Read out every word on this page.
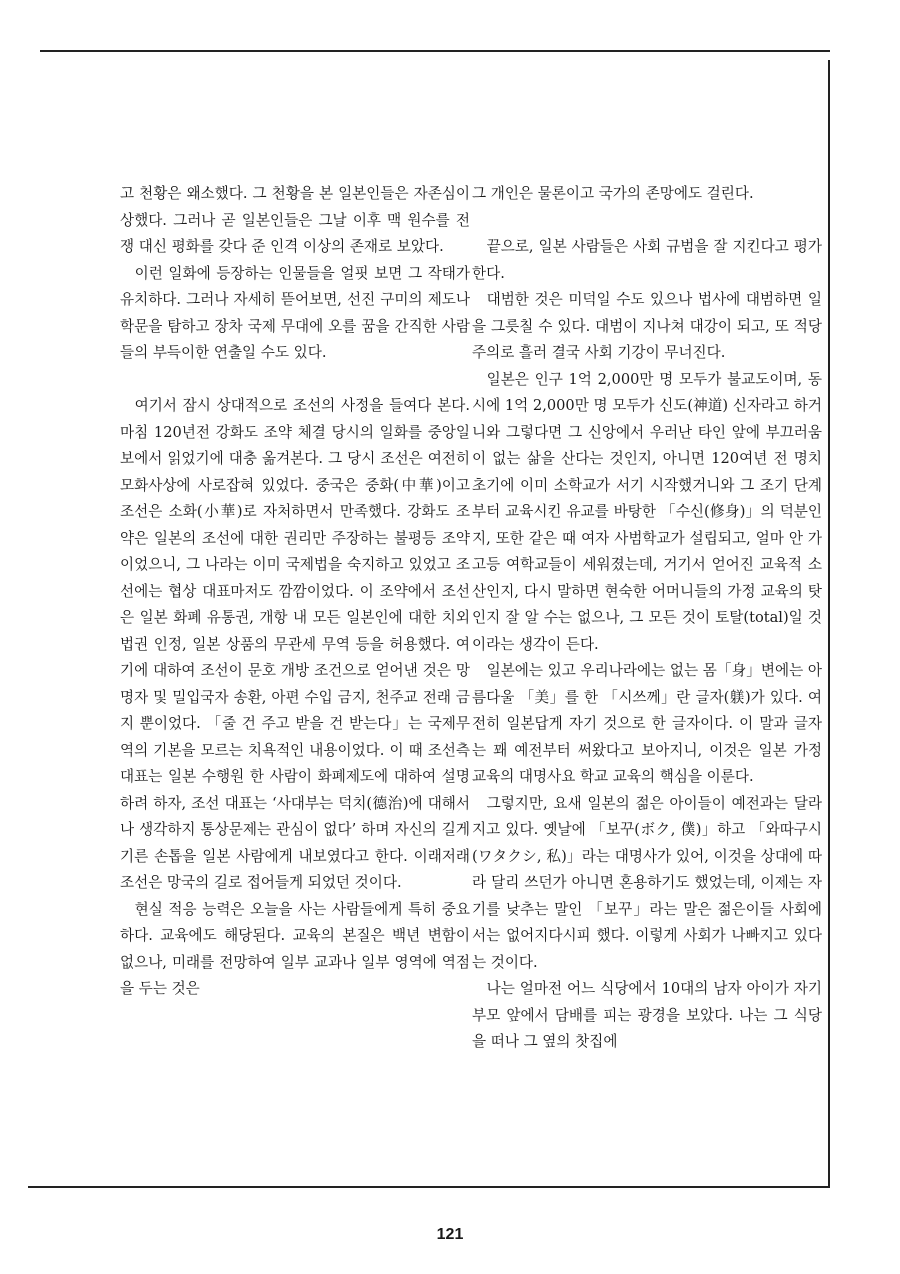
고 천황은 왜소했다. 그 천황을 본 일본인들은 자존심이 상했다. 그러나 곧 일본인들은 그날 이후 맥 원수를 전쟁 대신 평화를 갖다 준 인격 이상의 존재로 보았다.

이런 일화에 등장하는 인물들을 얼핏 보면 그 작태가 유치하다. 그러나 자세히 뜯어보면, 선진 구미의 제도나 학문을 탐하고 장차 국제 무대에 오를 꿈을 간직한 사람들의 부득이한 연출일 수도 있다.

여기서 잠시 상대적으로 조선의 사정을 들여다 본다. 마침 120년전 강화도 조약 체결 당시의 일화를 중앙일보에서 읽었기에 대충 옮겨본다. 그 당시 조선은 여전히 모화사상에 사로잡혀 있었다. 중국은 중화(中華)이고 조선은 소화(小華)로 자처하면서 만족했다. 강화도 조약은 일본의 조선에 대한 권리만 주장하는 불평등 조약이었으니, 그 나라는 이미 국제법을 숙지하고 있었고 조선에는 협상 대표마저도 깜깜이었다. 이 조약에서 조선은 일본 화폐 유통권, 개항 내 모든 일본인에 대한 치외법권 인정, 일본 상품의 무관세 무역 등을 허용했다. 여기에 대하여 조선이 문호 개방 조건으로 얻어낸 것은 망명자 및 밀입국자 송환, 아편 수입 금지, 천주교 전래 금지 뿐이었다. 「줄 건 주고 받을 건 받는다」는 국제무역의 기본을 모르는 치욕적인 내용이었다. 이 때 조선측 대표는 일본 수행원 한 사람이 화폐제도에 대하여 설명하려 하자, 조선 대표는 ‘사대부는 덕치(德治)에 대해서나 생각하지 통상문제는 관심이 없다’ 하며 자신의 길게 기른 손톱을 일본 사람에게 내보였다고 한다. 이래저래 조선은 망국의 길로 접어들게 되었던 것이다.

현실 적응 능력은 오늘을 사는 사람들에게 특히 중요하다. 교육에도 해당된다. 교육의 본질은 백년 변함이 없으나, 미래를 전망하여 일부 교과나 일부 영역에 역점을 두는 것은

그 개인은 물론이고 국가의 존망에도 걸린다.

끝으로, 일본 사람들은 사회 규범을 잘 지킨다고 평가한다.

대범한 것은 미덕일 수도 있으나 법사에 대범하면 일을 그릇칠 수 있다. 대범이 지나쳐 대강이 되고, 또 적당주의로 흘러 결국 사회 기강이 무너진다.

일본은 인구 1억 2,000만 명 모두가 불교도이며, 동시에 1억 2,000만 명 모두가 신도(神道) 신자라고 하거니와 그렇다면 그 신앙에서 우러난 타인 앞에 부끄러움이 없는 삶을 산다는 것인지, 아니면 120여년 전 명치 초기에 이미 소학교가 서기 시작했거니와 그 조기 단계부터 교육시킨 유교를 바탕한 「수신(修身)」의 덕분인지, 또한 같은 때 여자 사범학교가 설립되고, 얼마 안 가 고등 여학교들이 세워졌는데, 거기서 얻어진 교육적 소산인지, 다시 말하면 현숙한 어머니들의 가정 교육의 탓인지 잘 알 수는 없으나, 그 모든 것이 토탈(total)일 것이라는 생각이 든다.

일본에는 있고 우리나라에는 없는 몸「身」변에는 아름다울 「美」를 한 「시쓰께」란 글자(躾)가 있다. 여전히 일본답게 자기 것으로 한 글자이다. 이 말과 글자는 꽤 예전부터 써왔다고 보아지니, 이것은 일본 가정 교육의 대명사요 학교 교육의 핵심을 이룬다.

그렇지만, 요새 일본의 젊은 아이들이 예전과는 달라지고 있다. 옛날에 「보꾸(ボク, 僕)」하고 「와따구시(ワタクシ, 私)」라는 대명사가 있어, 이것을 상대에 따라 달리 쓰던가 아니면 혼용하기도 했었는데, 이제는 자기를 낮추는 말인 「보꾸」라는 말은 젊은이들 사회에서는 없어지다시피 했다. 이렇게 사회가 나빠지고 있다는 것이다.

나는 얼마전 어느 식당에서 10대의 남자 아이가 자기 부모 앞에서 담배를 피는 광경을 보았다. 나는 그 식당을 떠나 그 옆의 찻집에

121
